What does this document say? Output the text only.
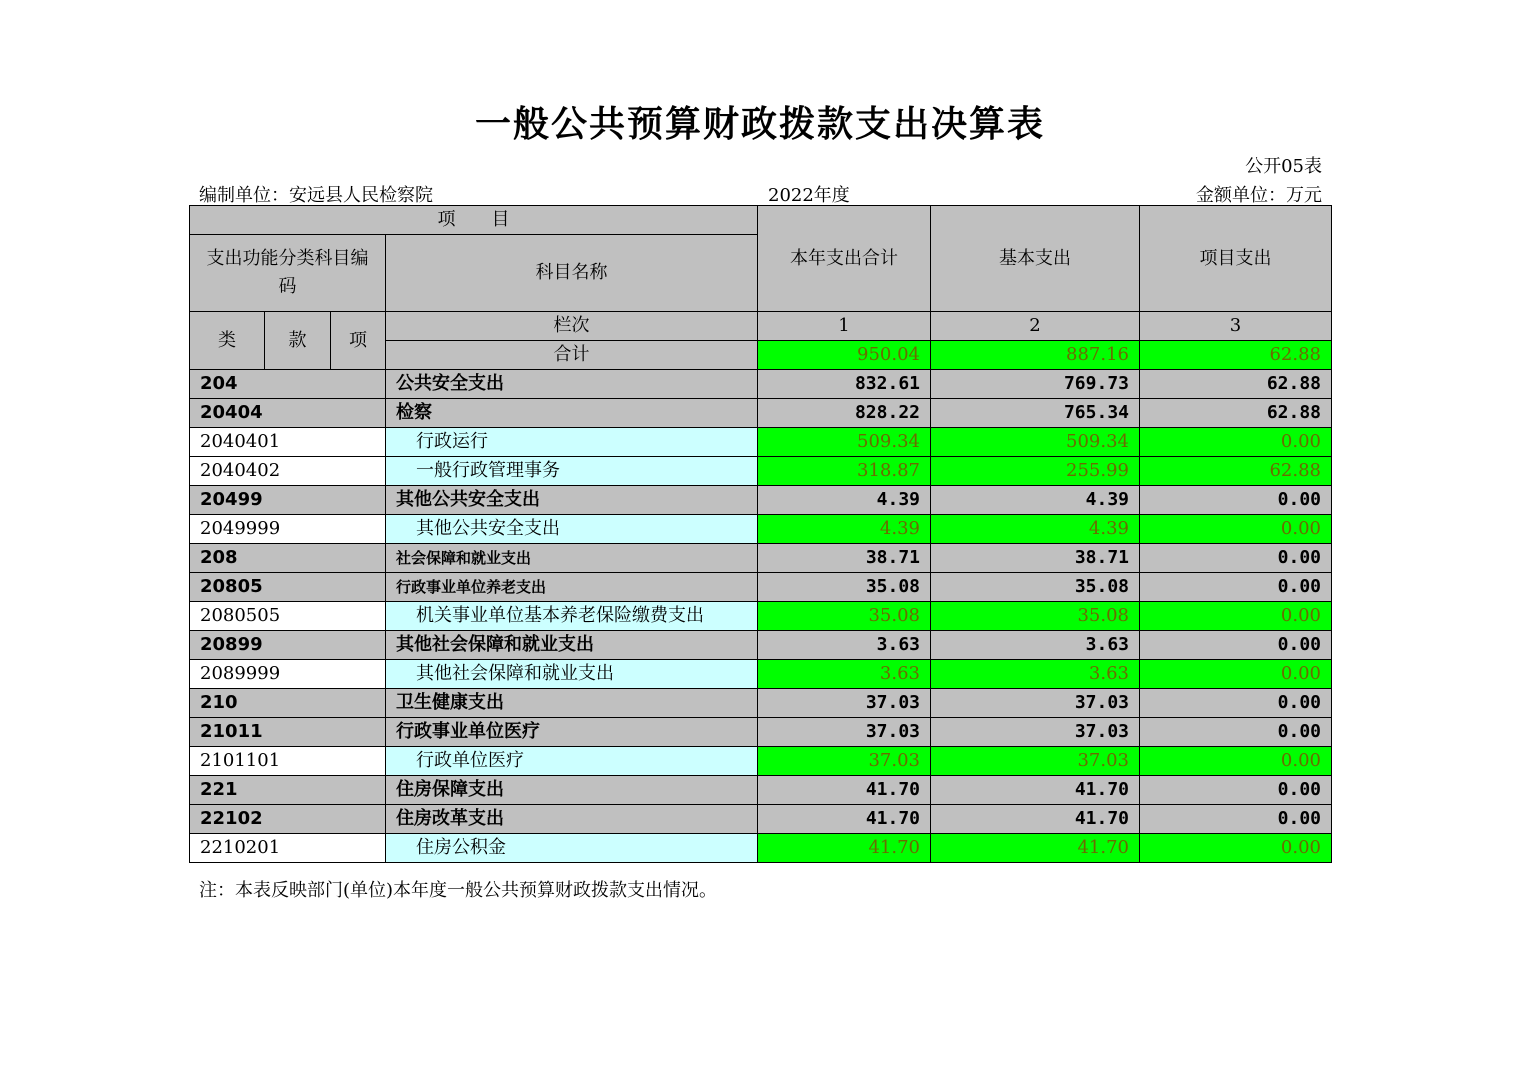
一般公共预算财政拨款支出决算表
公开05表
编制单位：安远县人民检察院	2022年度	金额单位：万元
项　　目				本年支出合计	基本支出	项目支出
支出功能分类科目编码			科目名称			

类	款	项	栏次	1	2	3
			合计	950.04	887.16	62.88
204			公共安全支出	832.61	769.73	62.88
20404			检察	828.22	765.34	62.88
2040401			行政运行	509.34	509.34	0.00
2040402			一般行政管理事务	318.87	255.99	62.88
20499			其他公共安全支出	4.39	4.39	0.00
2049999			其他公共安全支出	4.39	4.39	0.00
208			社会保障和就业支出	38.71	38.71	0.00
20805			行政事业单位养老支出	35.08	35.08	0.00
2080505			机关事业单位基本养老保险缴费支出	35.08	35.08	0.00
20899			其他社会保障和就业支出	3.63	3.63	0.00
2089999			其他社会保障和就业支出	3.63	3.63	0.00
210			卫生健康支出	37.03	37.03	0.00
21011			行政事业单位医疗	37.03	37.03	0.00
2101101			行政单位医疗	37.03	37.03	0.00
221			住房保障支出	41.70	41.70	0.00
22102			住房改革支出	41.70	41.70	0.00
2210201			住房公积金	41.70	41.70	0.00
注：本表反映部门(单位)本年度一般公共预算财政拨款支出情况。
